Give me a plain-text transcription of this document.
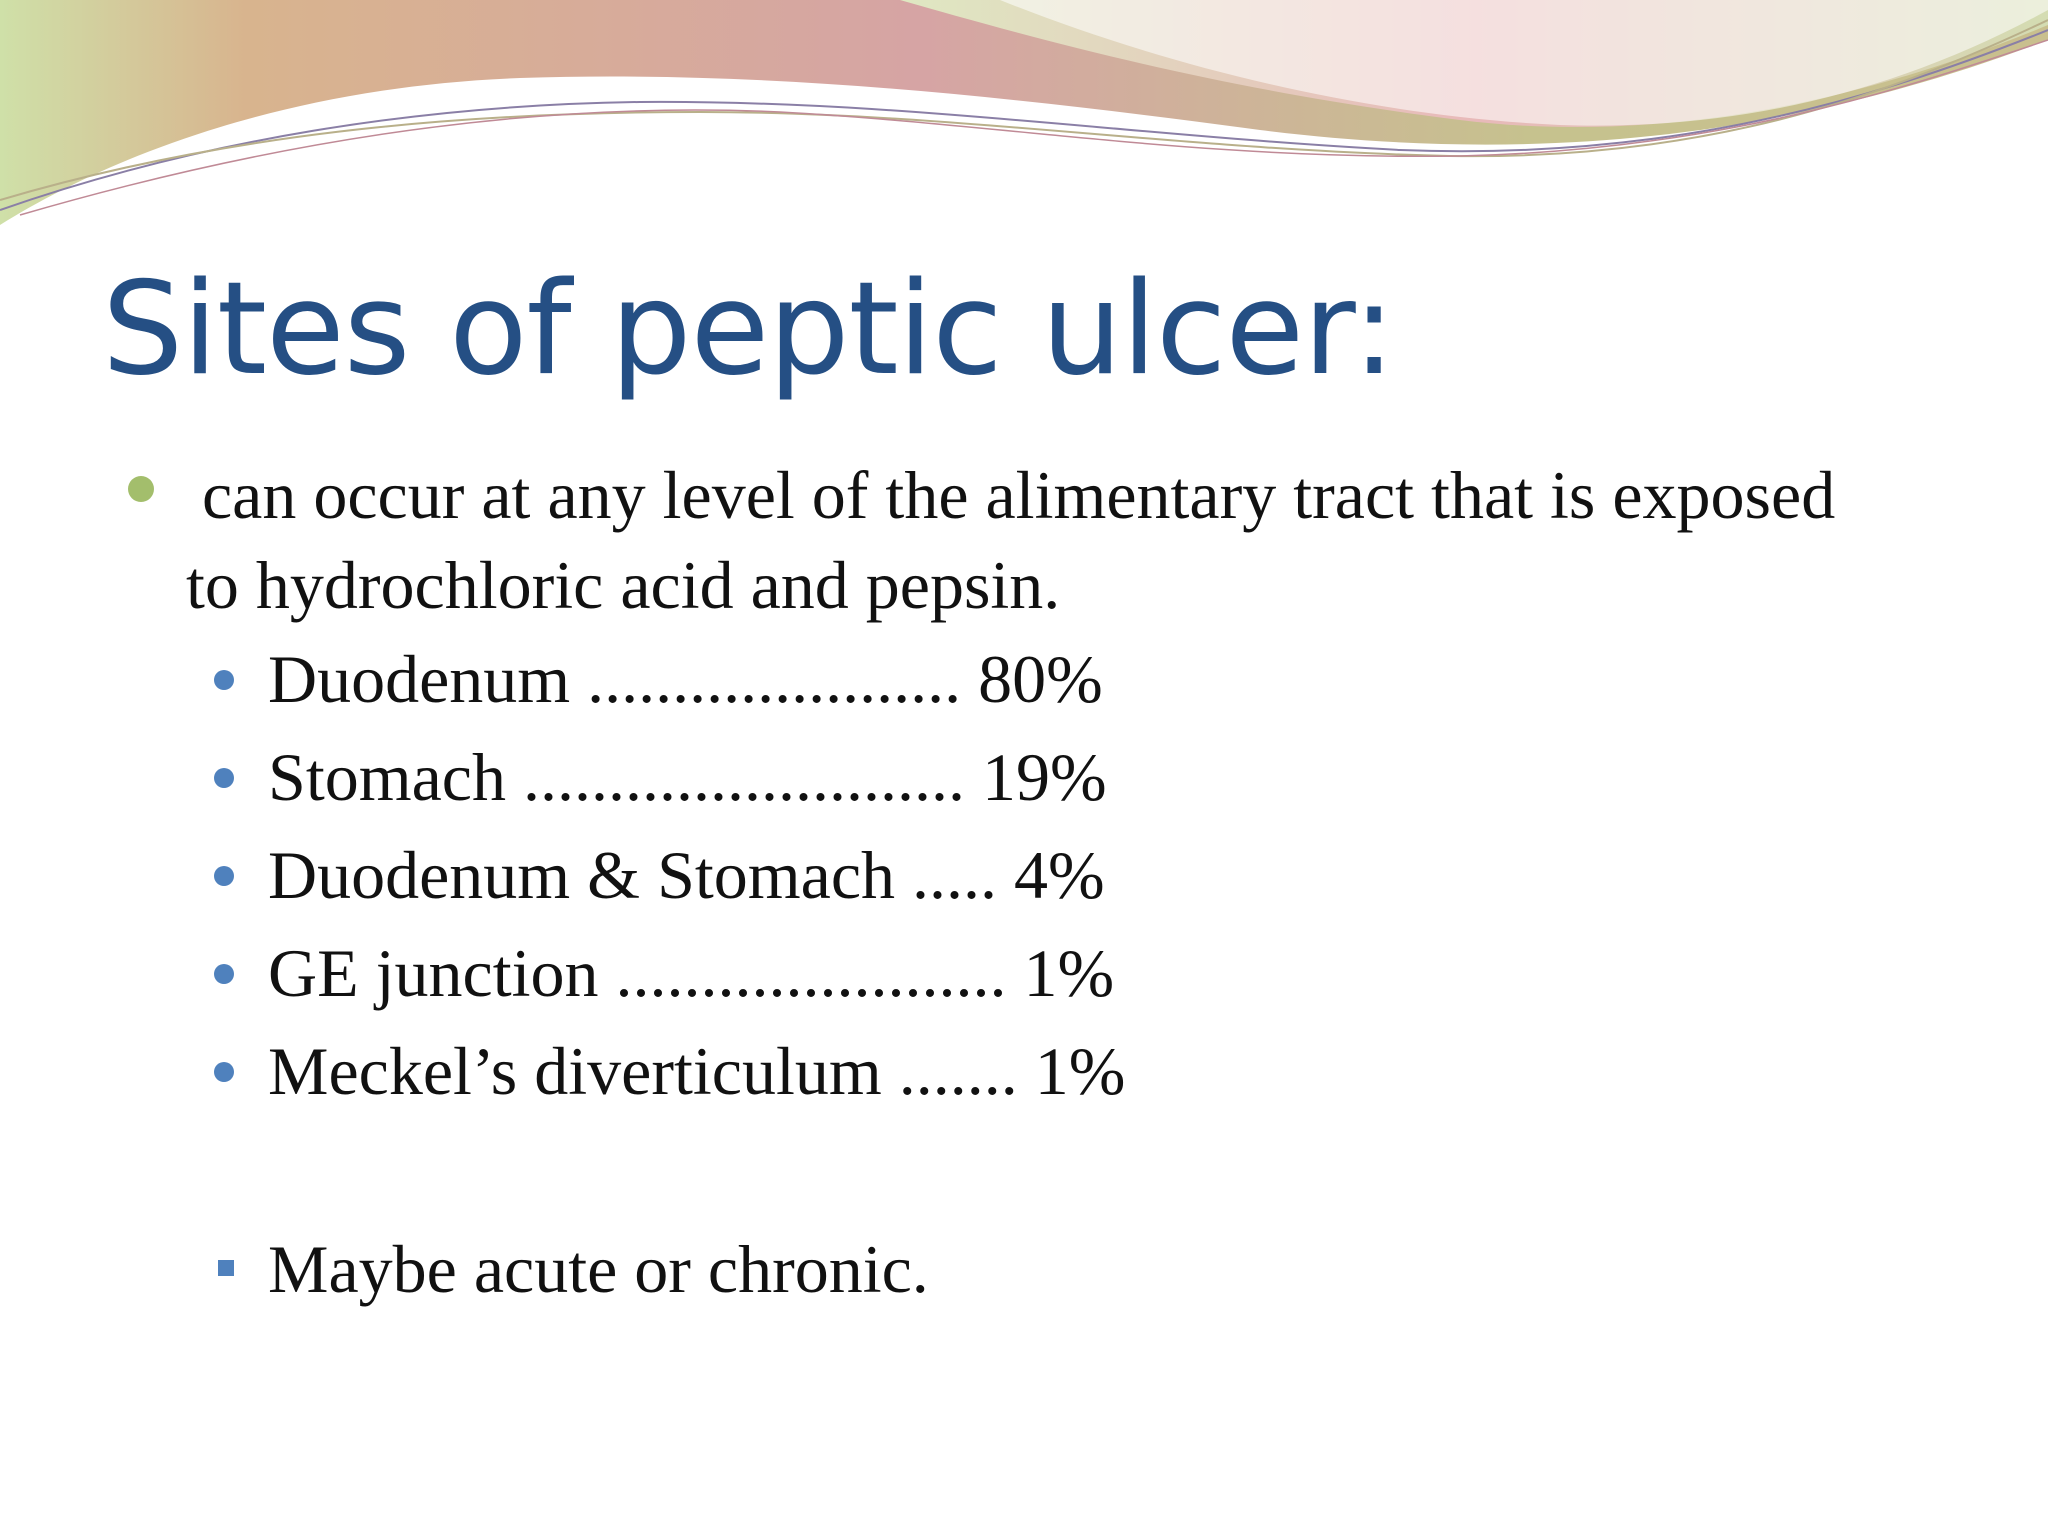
Sites of peptic ulcer:
can occur at any level of the alimentary tract that is exposed to hydrochloric acid and pepsin.
Duodenum ...................... 80%
Stomach .......................... 19%
Duodenum & Stomach ..... 4%
GE junction ....................... 1%
Meckel’s diverticulum ....... 1%
Maybe acute or chronic.
